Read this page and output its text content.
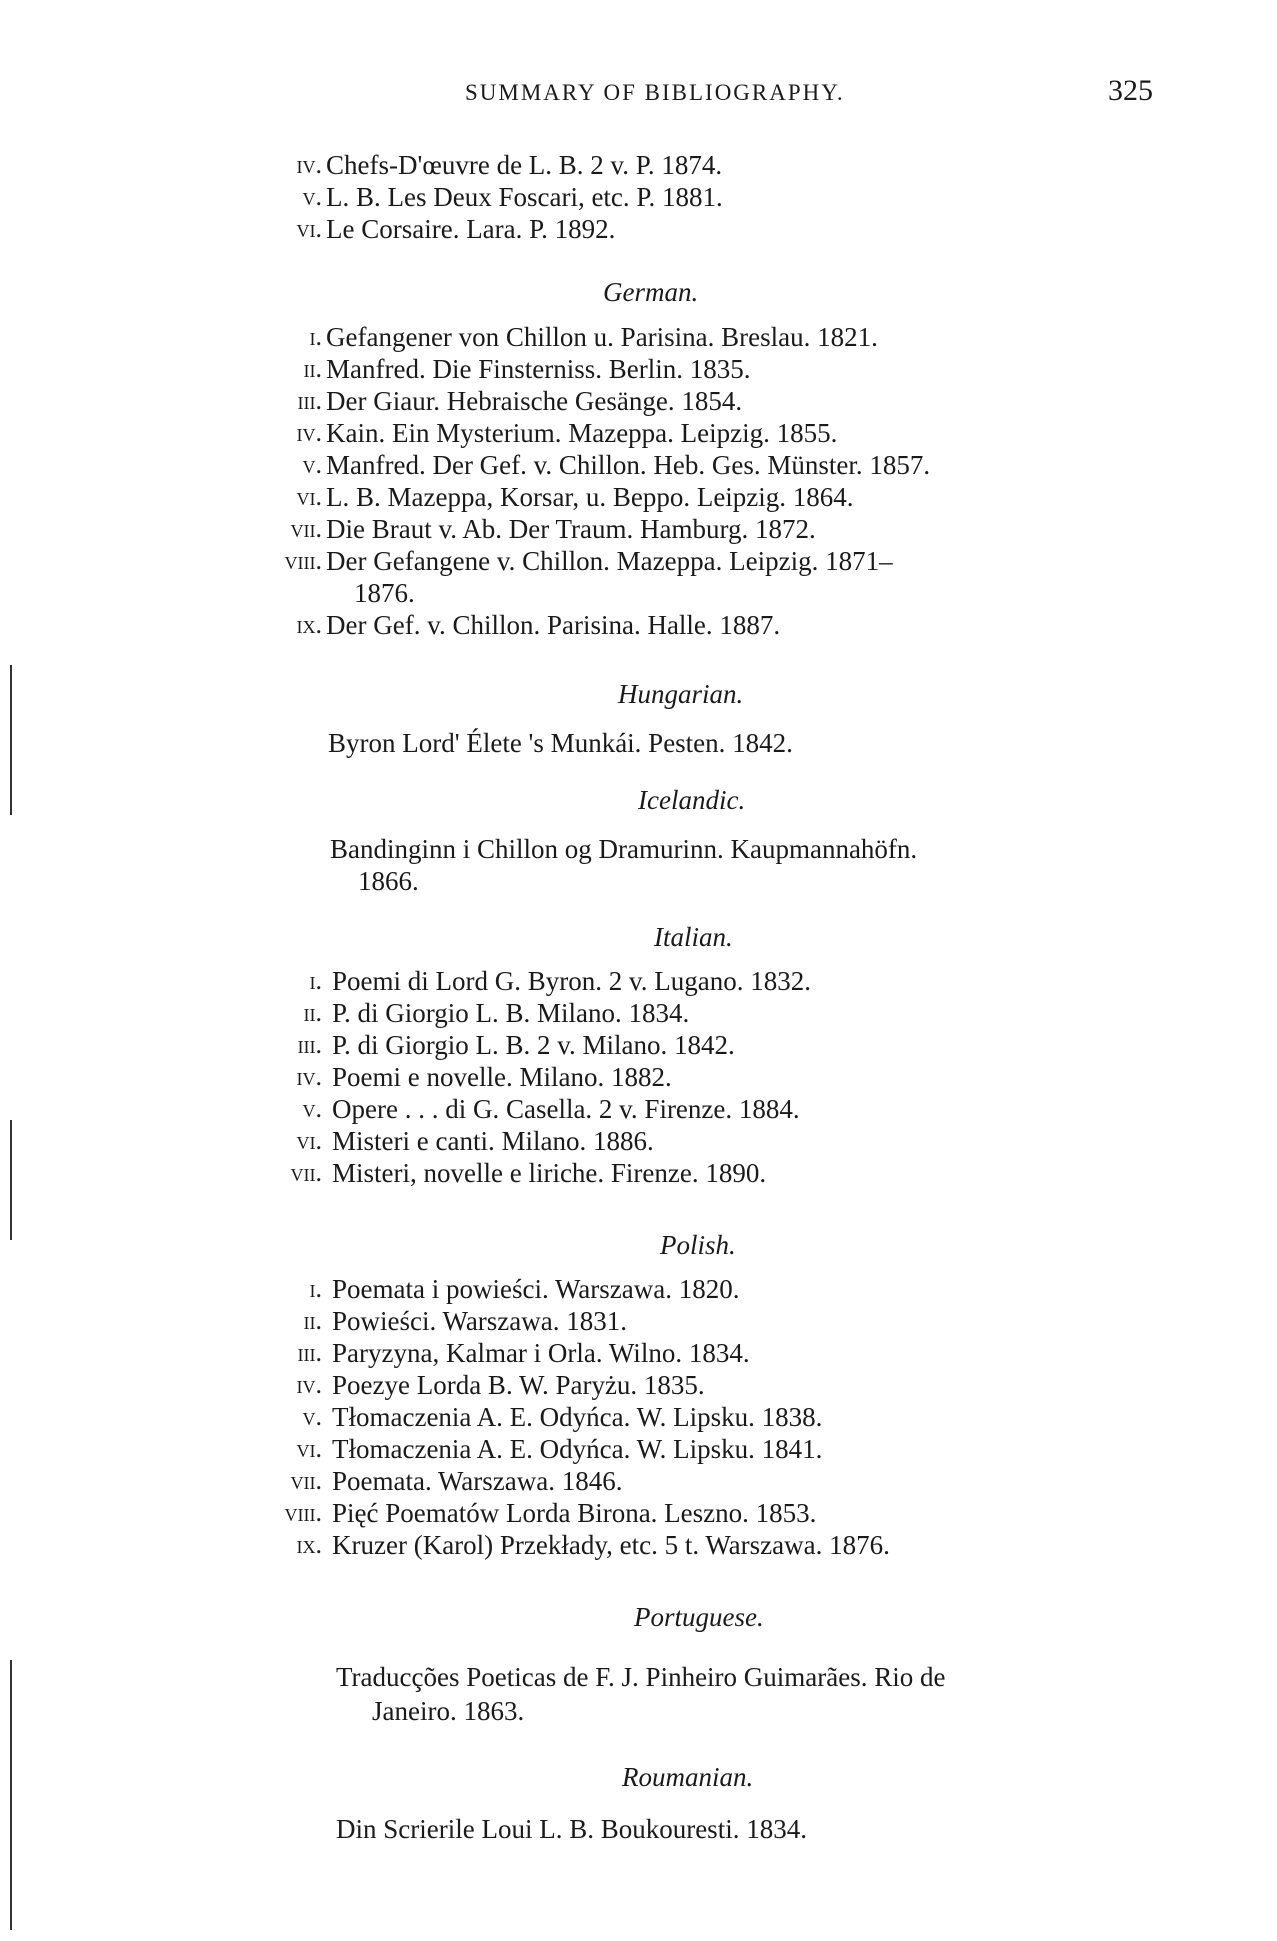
SUMMARY OF BIBLIOGRAPHY.	325
iv. Chefs-D'œuvre de L. B. 2 v. P. 1874.
v. L. B. Les Deux Foscari, etc. P. 1881.
vi. Le Corsaire. Lara. P. 1892.
German.
i. Gefangener von Chillon u. Parisina. Breslau. 1821.
ii. Manfred. Die Finsterniss. Berlin. 1835.
iii. Der Giaur. Hebraische Gesänge. 1854.
iv. Kain. Ein Mysterium. Mazeppa. Leipzig. 1855.
v. Manfred. Der Gef. v. Chillon. Heb. Ges. Münster. 1857.
vi. L. B. Mazeppa, Korsar, u. Beppo. Leipzig. 1864.
vii. Die Braut v. Ab. Der Traum. Hamburg. 1872.
viii. Der Gefangene v. Chillon. Mazeppa. Leipzig. 1871–
1876.
ix. Der Gef. v. Chillon. Parisina. Halle. 1887.
Hungarian.
Byron Lord' Élete 's Munkái. Pesten. 1842.
Icelandic.
Bandinginn i Chillon og Dramurinn. Kaupmannahöfn.
1866.
Italian.
i. Poemi di Lord G. Byron. 2 v. Lugano. 1832.
ii. P. di Giorgio L. B. Milano. 1834.
iii. P. di Giorgio L. B. 2 v. Milano. 1842.
iv. Poemi e novelle. Milano. 1882.
v. Opere . . . di G. Casella. 2 v. Firenze. 1884.
vi. Misteri e canti. Milano. 1886.
vii. Misteri, novelle e liriche. Firenze. 1890.
Polish.
i. Poemata i powieści. Warszawa. 1820.
ii. Powieści. Warszawa. 1831.
iii. Paryzyna, Kalmar i Orla. Wilno. 1834.
iv. Poezye Lorda B. W. Paryżu. 1835.
v. Tłomaczenia A. E. Odyńca. W. Lipsku. 1838.
vi. Tłomaczenia A. E. Odyńca. W. Lipsku. 1841.
vii. Poemata. Warszawa. 1846.
viii. Pięć Poematów Lorda Birona. Leszno. 1853.
ix. Kruzer (Karol) Przekłady, etc. 5 t. Warszawa. 1876.
Portuguese.
Traducções Poeticas de F. J. Pinheiro Guimarães. Rio de
Janeiro. 1863.
Roumanian.
Din Scrierile Loui L. B. Boukouresti. 1834.
